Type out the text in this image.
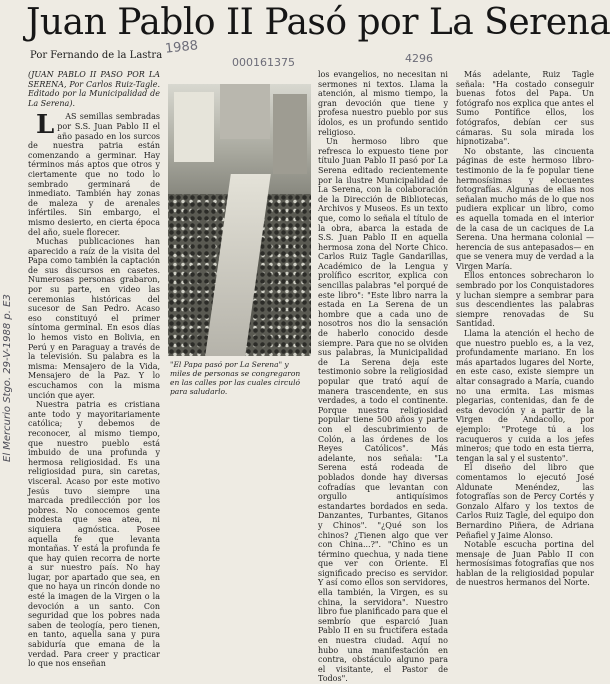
El Mercurio Stgo. 29-V-1988 p. E3
Juan Pablo II Pasó por La Serena
Por Fernando de la Lastra 1988
000161375	4296

(JUAN PABLO II PASO POR LA SERENA, Por Carlos Ruiz-Tagle. Editado por la Municipalidad de La Serena).

L AS semillas sembradas por S.S. Juan Pablo II el año pasado en los surcos de nuestra patria están comenzando a germinar. Hay términos más aptos que otros y ciertamente que no todo lo sembrado germinará de inmediato. También hay zonas de maleza y de arenales infértiles. Sin embargo, el mismo desierto, en cierta época del año, suele florecer.

Muchas publicaciones han aparecido a raíz de la visita del Papa como también la captación de sus discursos en casetes. Numerosas personas grabaron, por su parte, en video las ceremonias históricas del sucesor de San Pedro. Acaso eso constituyó el primer síntoma germinal. En esos días lo hemos visto en Bolivia, en Perú y en Paraguay a través de la televisión. Su palabra es la misma: Mensajero de la Vida, Mensajero de la Paz. Y lo escuchamos con la misma unción que ayer.

Nuestra patria es cristiana ante todo y mayoritariamente católica; y debemos de reconocer, al mismo tiempo, que nuestro pueblo está imbuido de una profunda y hermosa religiosidad. Es una religiosidad pura, sin caretas, visceral. Acaso por este motivo Jesús tuvo siempre una marcada predilección por los pobres. No conocemos gente modesta que sea atea, ni siquiera agnóstica. Posee aquella fe que levanta montañas. Y está la profunda fe que hay quien recorra de norte a sur nuestro país. No hay lugar, por apartado que sea, en que no haya un rincón donde no esté la imagen de la Virgen o la devoción a un santo. Con seguridad que los pobres nada saben de teología, pero tienen, en tanto, aquella sana y pura sabiduría que emana de la verdad. Para creer y practicar lo que nos enseñan

"El Papa pasó por La Serena" y miles de personas se congregaron en las calles por las cuales circuló para saludarlo.

los evangelios, no necesitan ni sermones ni textos. Llama la atención, al mismo tiempo, la gran devoción que tiene y profesa nuestro pueblo por sus ídolos, es un profundo sentido religioso.

Un hermoso libro que refresca lo expuesto tiene por título Juan Pablo II pasó por La Serena editado recientemente por la ilustre Municipalidad de La Serena, con la colaboración de la Dirección de Bibliotecas, Archivos y Museos. Es un texto que, como lo señala el título de la obra, abarca la estada de S.S. Juan Pablo II en aquella hermosa zona del Norte Chico. Carlos Ruiz Tagle Gandarillas, Académico de la Lengua y prolífico escritor, explica con sencillas palabras "el porqué de este libro": "Este libro narra la estada en La Serena de un hombre que a cada uno de nosotros nos dio la sensación de haberlo conocido desde siempre. Para que no se olviden sus palabras, la Municipalidad de La Serena deja este testimonio sobre la religiosidad popular que trató aquí de manera trascendente, en sus verdades, a todo el continente. Porque nuestra religiosidad popular tiene 500 años y parte con el descubrimiento de Colón, a las órdenes de los Reyes Católicos". Más adelante, nos señala: "La Serena está rodeada de poblados donde hay diversas cofradías que levantan con orgullo antiquísimos estandartes bordados en seda. Danzantes, Turbantes, Gitanos y Chinos". "¿Qué son los chinos? ¿Tienen algo que ver con China...?". "Chino es un término quechua, y nada tiene que ver con Oriente. El significado preciso es servidor. Y así como ellos son servidores, ella también, la Virgen, es su china, la servidora". Nuestro libro fue planificado para que el sembrío que esparció Juan Pablo II en su fructífera estada en nuestra ciudad. Aquí no hubo una manifestación en contra, obstáculo alguno para el visitante, el Pastor de Todos".

Más adelante, Ruiz Tagle señala: "Ha costado conseguir buenas fotos del Papa. Un fotógrafo nos explica que antes el Sumo Pontífice ellos, los fotógrafos, debían cer sus cámaras. Su sola mirada los hipnotizaba".

No obstante, las cincuenta páginas de este hermoso libro-testimonio de la fe popular tiene hermosísimas y elocuentes fotografías. Algunas de ellas nos señalan mucho más de lo que nos pudiera explicar un libro, como es aquella tomada en el interior de la casa de un caciques de La Serena. Una hermana colonial —herencia de sus antepasados— en que se venera muy de verdad a la Virgen María.

Ellos entonces sobrecharon lo sembrado por los Conquistadores y luchan siempre a sembrar para sus descendientes las palabras siempre renovadas de Su Santidad.

Llama la atención el hecho de que nuestro pueblo es, a la vez, profundamente mariano. En los más apartados lugares del Norte, en este caso, existe siempre un altar consagrado a María, cuando no una ermita. Las mismas plegarias, contenidas, dan fe de esta devoción y a partir de la Virgen de Andacollo, por ejemplo: "Protege tú a los racuqueros y cuida a los jefes mineros; que todo en esta tierra, tengan la sal y el sustento".

El diseño del libro que comentamos lo ejecutó José Aldunate Menéndez, las fotografías son de Percy Cortés y Gonzalo Alfaro y los textos de Carlos Ruiz Tagle, del equipo don Bernardino Piñera, de Adriana Peñafiel y Jaime Alonso.

Notable escucha portina del mensaje de Juan Pablo II con hermosísimas fotografías que nos hablan de la religiosidad popular de nuestros hermanos del Norte.
